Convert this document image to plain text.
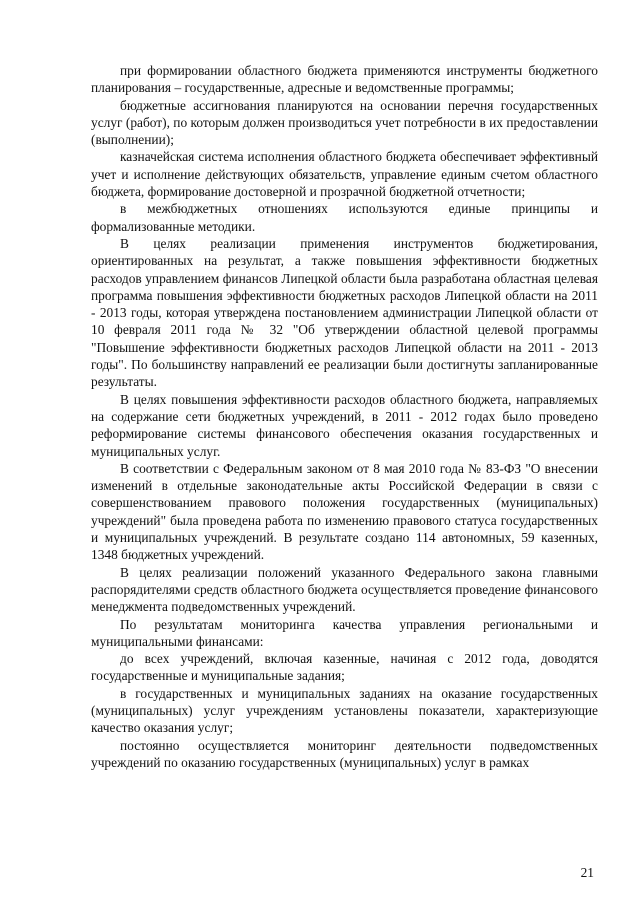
при формировании областного бюджета применяются инструменты бюджетного планирования – государственные, адресные и ведомственные программы;

бюджетные ассигнования планируются на основании перечня государственных услуг (работ), по которым должен производиться учет потребности в их предоставлении (выполнении);

казначейская система исполнения областного бюджета обеспечивает эффективный учет и исполнение действующих обязательств, управление единым счетом областного бюджета, формирование достоверной и прозрачной бюджетной отчетности;

в межбюджетных отношениях используются единые принципы и формализованные методики.

В целях реализации применения инструментов бюджетирования, ориентированных на результат, а также повышения эффективности бюджетных расходов управлением финансов Липецкой области была разработана областная целевая программа повышения эффективности бюджетных расходов Липецкой области на 2011 - 2013 годы, которая утверждена постановлением администрации Липецкой области от 10 февраля 2011 года № 32 "Об утверждении областной целевой программы "Повышение эффективности бюджетных расходов Липецкой области на 2011 - 2013 годы". По большинству направлений ее реализации были достигнуты запланированные результаты.

В целях повышения эффективности расходов областного бюджета, направляемых на содержание сети бюджетных учреждений, в 2011 - 2012 годах было проведено реформирование системы финансового обеспечения оказания государственных и муниципальных услуг.

В соответствии с Федеральным законом от 8 мая 2010 года № 83-ФЗ "О внесении изменений в отдельные законодательные акты Российской Федерации в связи с совершенствованием правового положения государственных (муниципальных) учреждений" была проведена работа по изменению правового статуса государственных и муниципальных учреждений. В результате создано 114 автономных, 59 казенных, 1348 бюджетных учреждений.

В целях реализации положений указанного Федерального закона главными распорядителями средств областного бюджета осуществляется проведение финансового менеджмента подведомственных учреждений.

По результатам мониторинга качества управления региональными и муниципальными финансами:

до всех учреждений, включая казенные, начиная с 2012 года, доводятся государственные и муниципальные задания;

в государственных и муниципальных заданиях на оказание государственных (муниципальных) услуг учреждениям установлены показатели, характеризующие качество оказания услуг;

постоянно осуществляется мониторинг деятельности подведомственных учреждений по оказанию государственных (муниципальных) услуг в рамках

21
